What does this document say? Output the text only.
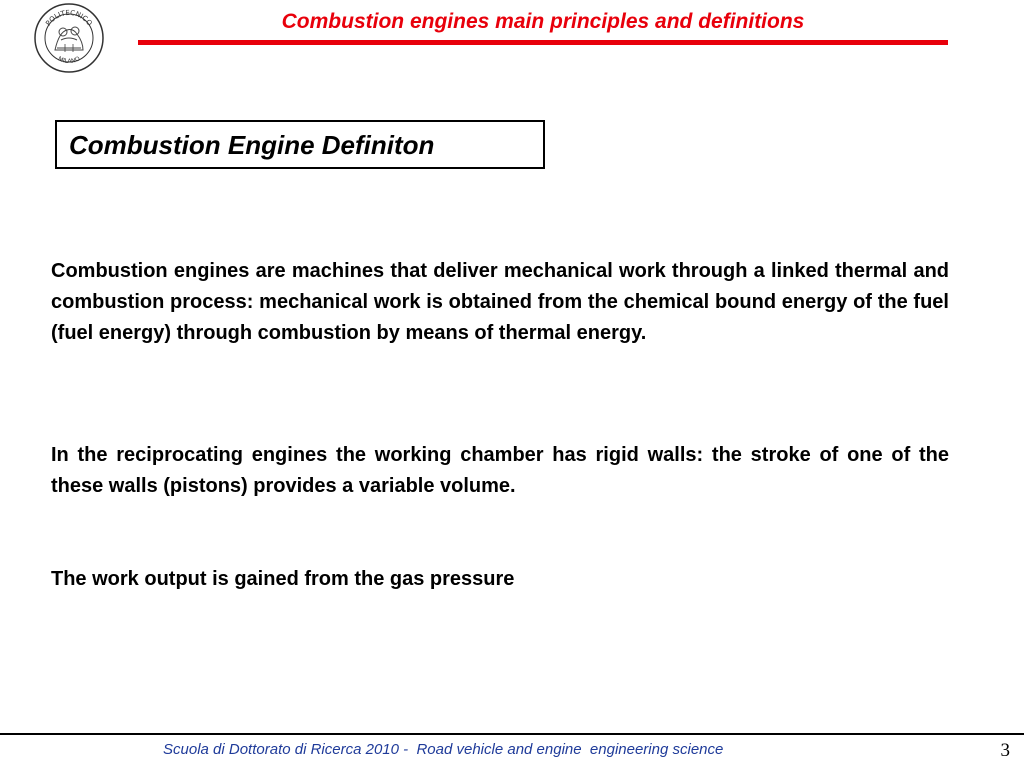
POLITECNICO
MILANO
Combustion engines main principles and definitions
Combustion Engine Definiton

Combustion engines are machines that deliver mechanical work through a linked thermal and combustion process: mechanical work is obtained from the chemical bound energy of the fuel (fuel energy) through combustion by means of thermal energy.

In the reciprocating engines the working chamber has rigid walls: the stroke of one of the these walls (pistons) provides a variable volume.

The work output is gained from the gas pressure

Scuola di Dottorato di Ricerca 2010 -  Road vehicle and engine  engineering science	3
